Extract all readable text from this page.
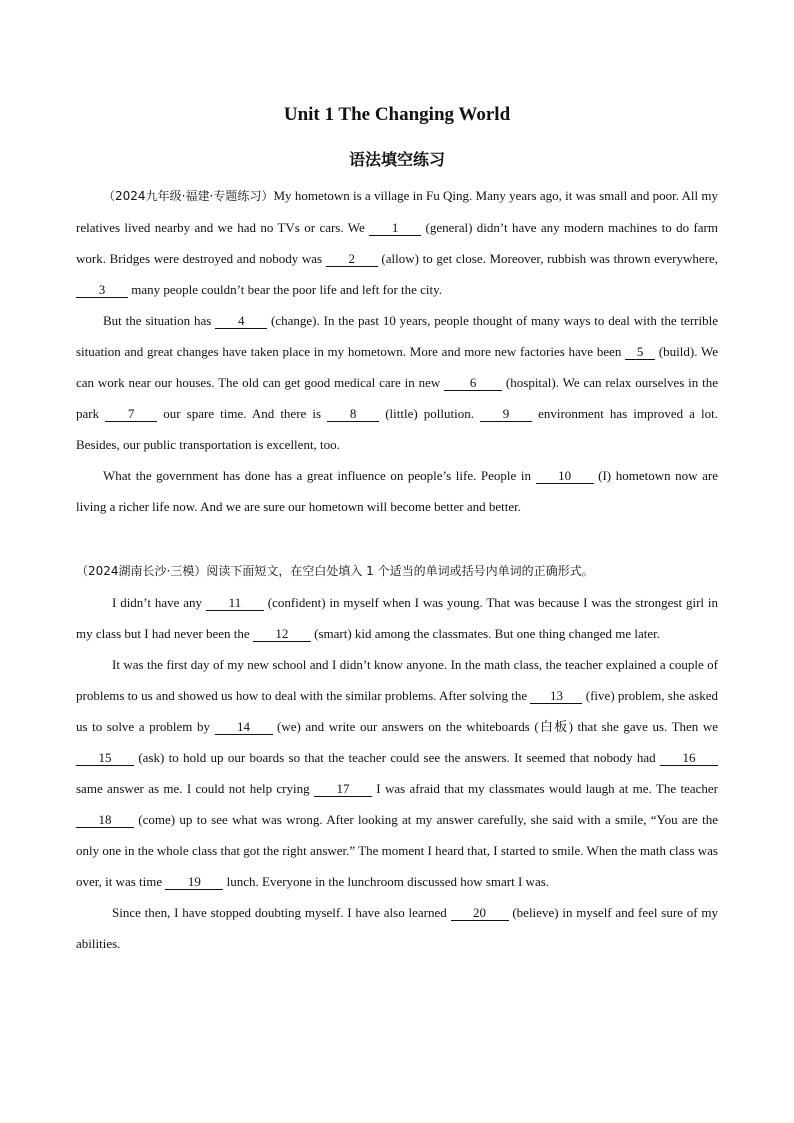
Unit 1 The Changing World
语法填空练习

（2024九年级·福建·专题练习）My hometown is a village in Fu Qing. Many years ago, it was small and poor. All my relatives lived nearby and we had no TVs or cars. We 1 (general) didn’t have any modern machines to do farm work. Bridges were destroyed and nobody was 2 (allow) to get close. Moreover, rubbish was thrown everywhere, 3 many people couldn’t bear the poor life and left for the city.

But the situation has 4 (change). In the past 10 years, people thought of many ways to deal with the terrible situation and great changes have taken place in my hometown. More and more new factories have been 5 (build). We can work near our houses. The old can get good medical care in new 6 (hospital). We can relax ourselves in the park 7 our spare time. And there is 8 (little) pollution. 9 environment has improved a lot. Besides, our public transportation is excellent, too.

What the government has done has a great influence on people’s life. People in 10 (I) hometown now are living a richer life now. And we are sure our hometown will become better and better.

（2024湖南长沙·三模）阅读下面短文，在空白处填入 1 个适当的单词或括号内单词的正确形式。

I didn’t have any 11 (confident) in myself when I was young. That was because I was the strongest girl in my class but I had never been the 12 (smart) kid among the classmates. But one thing changed me later.

It was the first day of my new school and I didn’t know anyone. In the math class, the teacher explained a couple of problems to us and showed us how to deal with the similar problems. After solving the 13 (five) problem, she asked us to solve a problem by 14 (we) and write our answers on the whiteboards (白板) that she gave us. Then we 15 (ask) to hold up our boards so that the teacher could see the answers. It seemed that nobody had 16 same answer as me. I could not help crying 17 I was afraid that my classmates would laugh at me. The teacher 18 (come) up to see what was wrong. After looking at my answer carefully, she said with a smile, “You are the only one in the whole class that got the right answer.” The moment I heard that, I started to smile. When the math class was over, it was time 19 lunch. Everyone in the lunchroom discussed how smart I was.

Since then, I have stopped doubting myself. I have also learned 20 (believe) in myself and feel sure of my abilities.
